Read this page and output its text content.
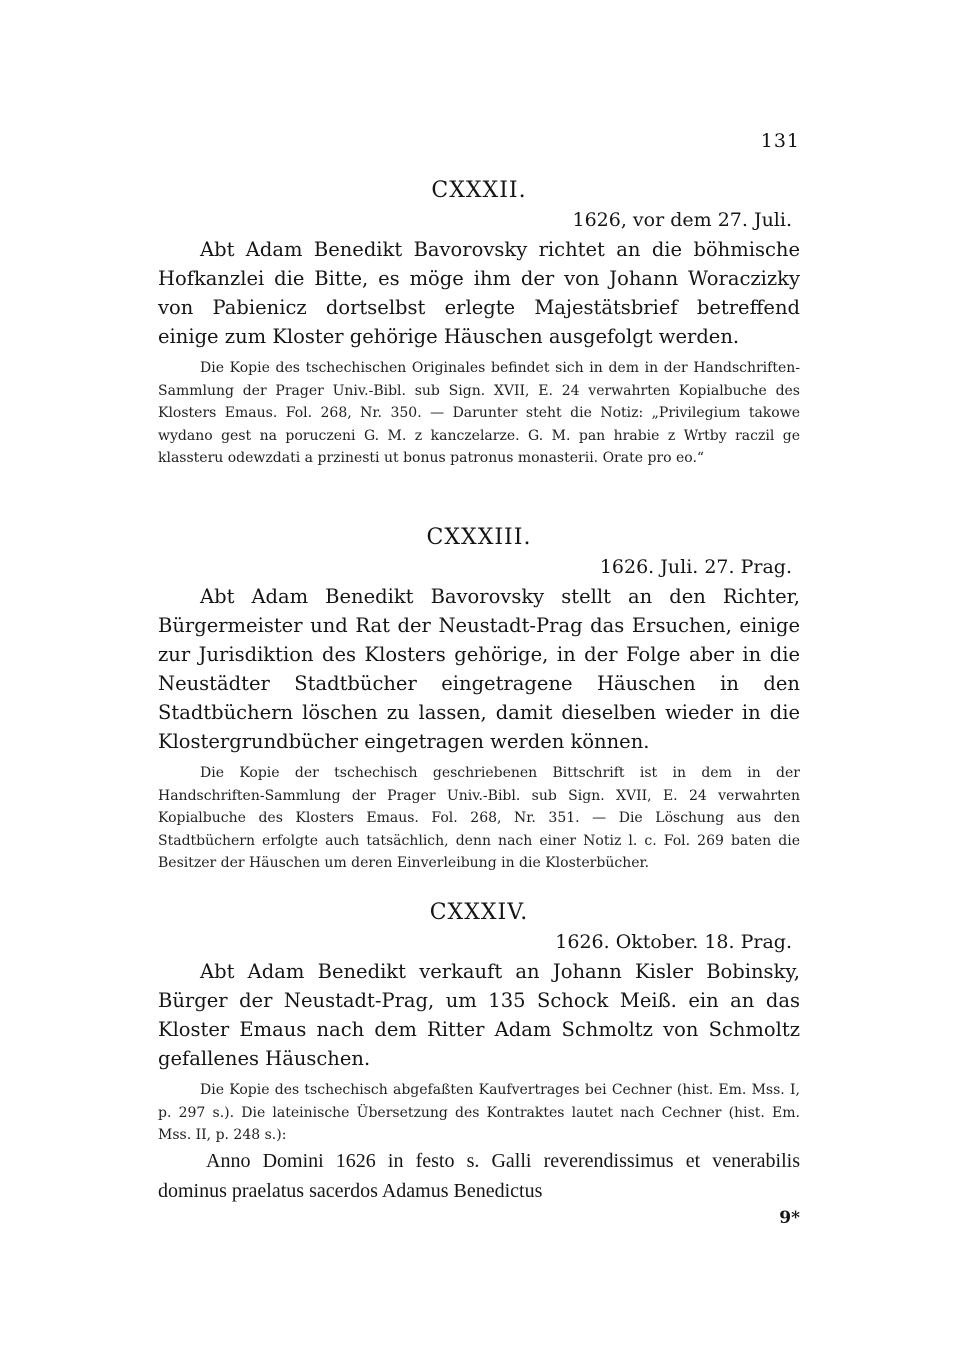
131
CXXXII.
1626, vor dem 27. Juli.

Abt Adam Benedikt Bavorovsky richtet an die böhmische Hofkanzlei die Bitte, es möge ihm der von Johann Woraczizky von Pabienicz dortselbst erlegte Majestätsbrief betreffend einige zum Kloster gehörige Häuschen ausgefolgt werden.

Die Kopie des tschechischen Originales befindet sich in dem in der Handschriften-Sammlung der Prager Univ.-Bibl. sub Sign. XVII, E. 24 verwahrten Kopialbuche des Klosters Emaus. Fol. 268, Nr. 350. — Darunter steht die Notiz: „Privilegium takowe wydano gest na poruczeni G. M. z kanczelarze. G. M. pan hrabie z Wrtby raczil ge klassteru odewzdati a przinesti ut bonus patronus monasterii. Orate pro eo.“

CXXXIII.
1626. Juli. 27. Prag.

Abt Adam Benedikt Bavorovsky stellt an den Richter, Bürgermeister und Rat der Neustadt-Prag das Ersuchen, einige zur Jurisdiktion des Klosters gehörige, in der Folge aber in die Neustädter Stadtbücher eingetragene Häuschen in den Stadtbüchern löschen zu lassen, damit dieselben wieder in die Klostergrundbücher eingetragen werden können.

Die Kopie der tschechisch geschriebenen Bittschrift ist in dem in der Handschriften-Sammlung der Prager Univ.-Bibl. sub Sign. XVII, E. 24 verwahrten Kopialbuche des Klosters Emaus. Fol. 268, Nr. 351. — Die Löschung aus den Stadtbüchern erfolgte auch tatsächlich, denn nach einer Notiz l. c. Fol. 269 baten die Besitzer der Häuschen um deren Einverleibung in die Klosterbücher.

CXXXIV.
1626. Oktober. 18. Prag.

Abt Adam Benedikt verkauft an Johann Kisler Bobinsky, Bürger der Neustadt-Prag, um 135 Schock Meiß. ein an das Kloster Emaus nach dem Ritter Adam Schmoltz von Schmoltz gefallenes Häuschen.

Die Kopie des tschechisch abgefaßten Kaufvertrages bei Cechner (hist. Em. Mss. I, p. 297 s.). Die lateinische Übersetzung des Kontraktes lautet nach Cechner (hist. Em. Mss. II, p. 248 s.):

Anno Domini 1626 in festo s. Galli reverendissimus et venerabilis dominus praelatus sacerdos Adamus Benedictus

9*
